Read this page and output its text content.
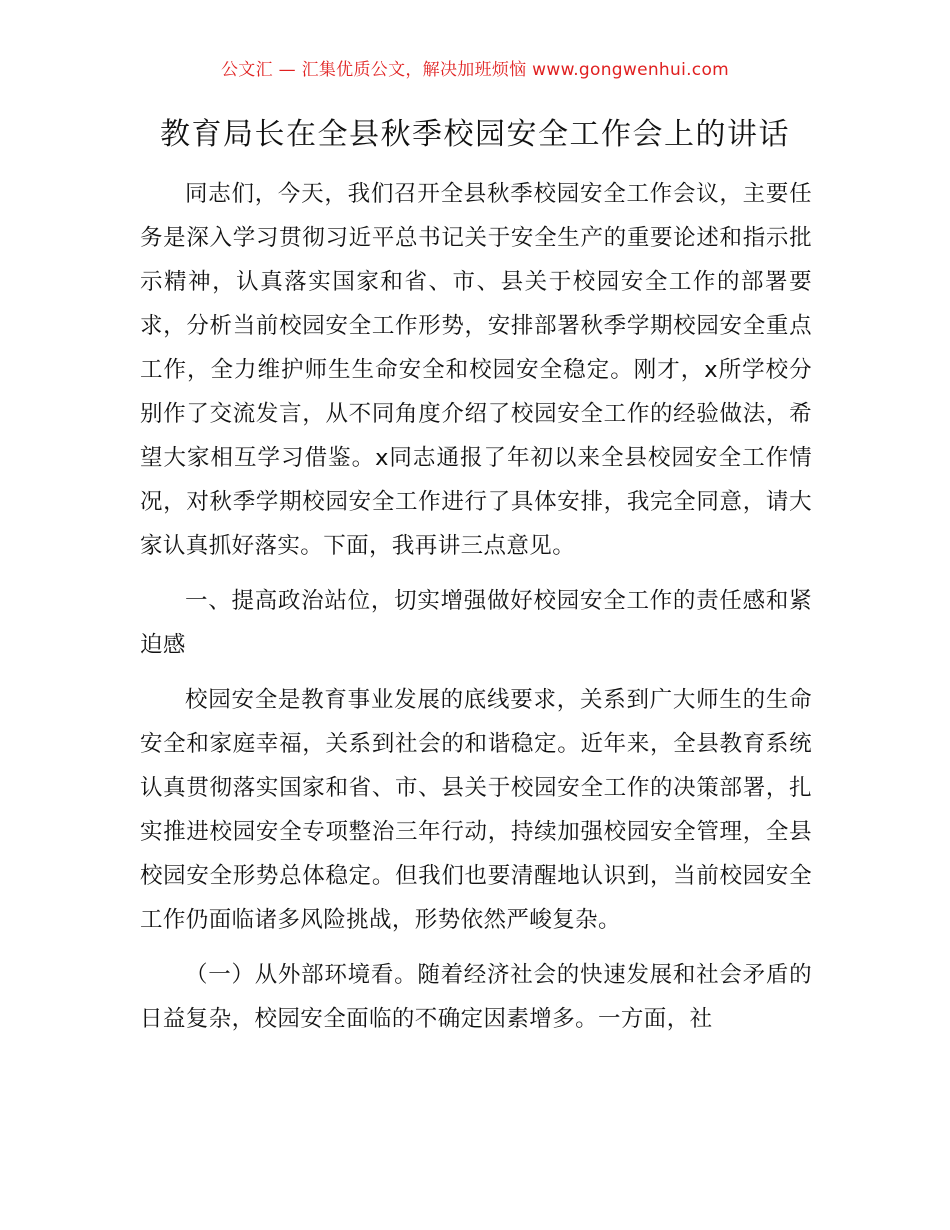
公文汇 — 汇集优质公文，解决加班烦恼 www.gongwenhui.com
教育局长在全县秋季校园安全工作会上的讲话

同志们，今天，我们召开全县秋季校园安全工作会议，主要任务是深入学习贯彻习近平总书记关于安全生产的重要论述和指示批示精神，认真落实国家和省、市、县关于校园安全工作的部署要求，分析当前校园安全工作形势，安排部署秋季学期校园安全重点工作，全力维护师生生命安全和校园安全稳定。刚才，x所学校分别作了交流发言，从不同角度介绍了校园安全工作的经验做法，希望大家相互学习借鉴。x同志通报了年初以来全县校园安全工作情况，对秋季学期校园安全工作进行了具体安排，我完全同意，请大家认真抓好落实。下面，我再讲三点意见。

一、提高政治站位，切实增强做好校园安全工作的责任感和紧迫感

校园安全是教育事业发展的底线要求，关系到广大师生的生命安全和家庭幸福，关系到社会的和谐稳定。近年来，全县教育系统认真贯彻落实国家和省、市、县关于校园安全工作的决策部署，扎实推进校园安全专项整治三年行动，持续加强校园安全管理，全县校园安全形势总体稳定。但我们也要清醒地认识到，当前校园安全工作仍面临诸多风险挑战，形势依然严峻复杂。

（一）从外部环境看。随着经济社会的快速发展和社会矛盾的日益复杂，校园安全面临的不确定因素增多。一方面，社
